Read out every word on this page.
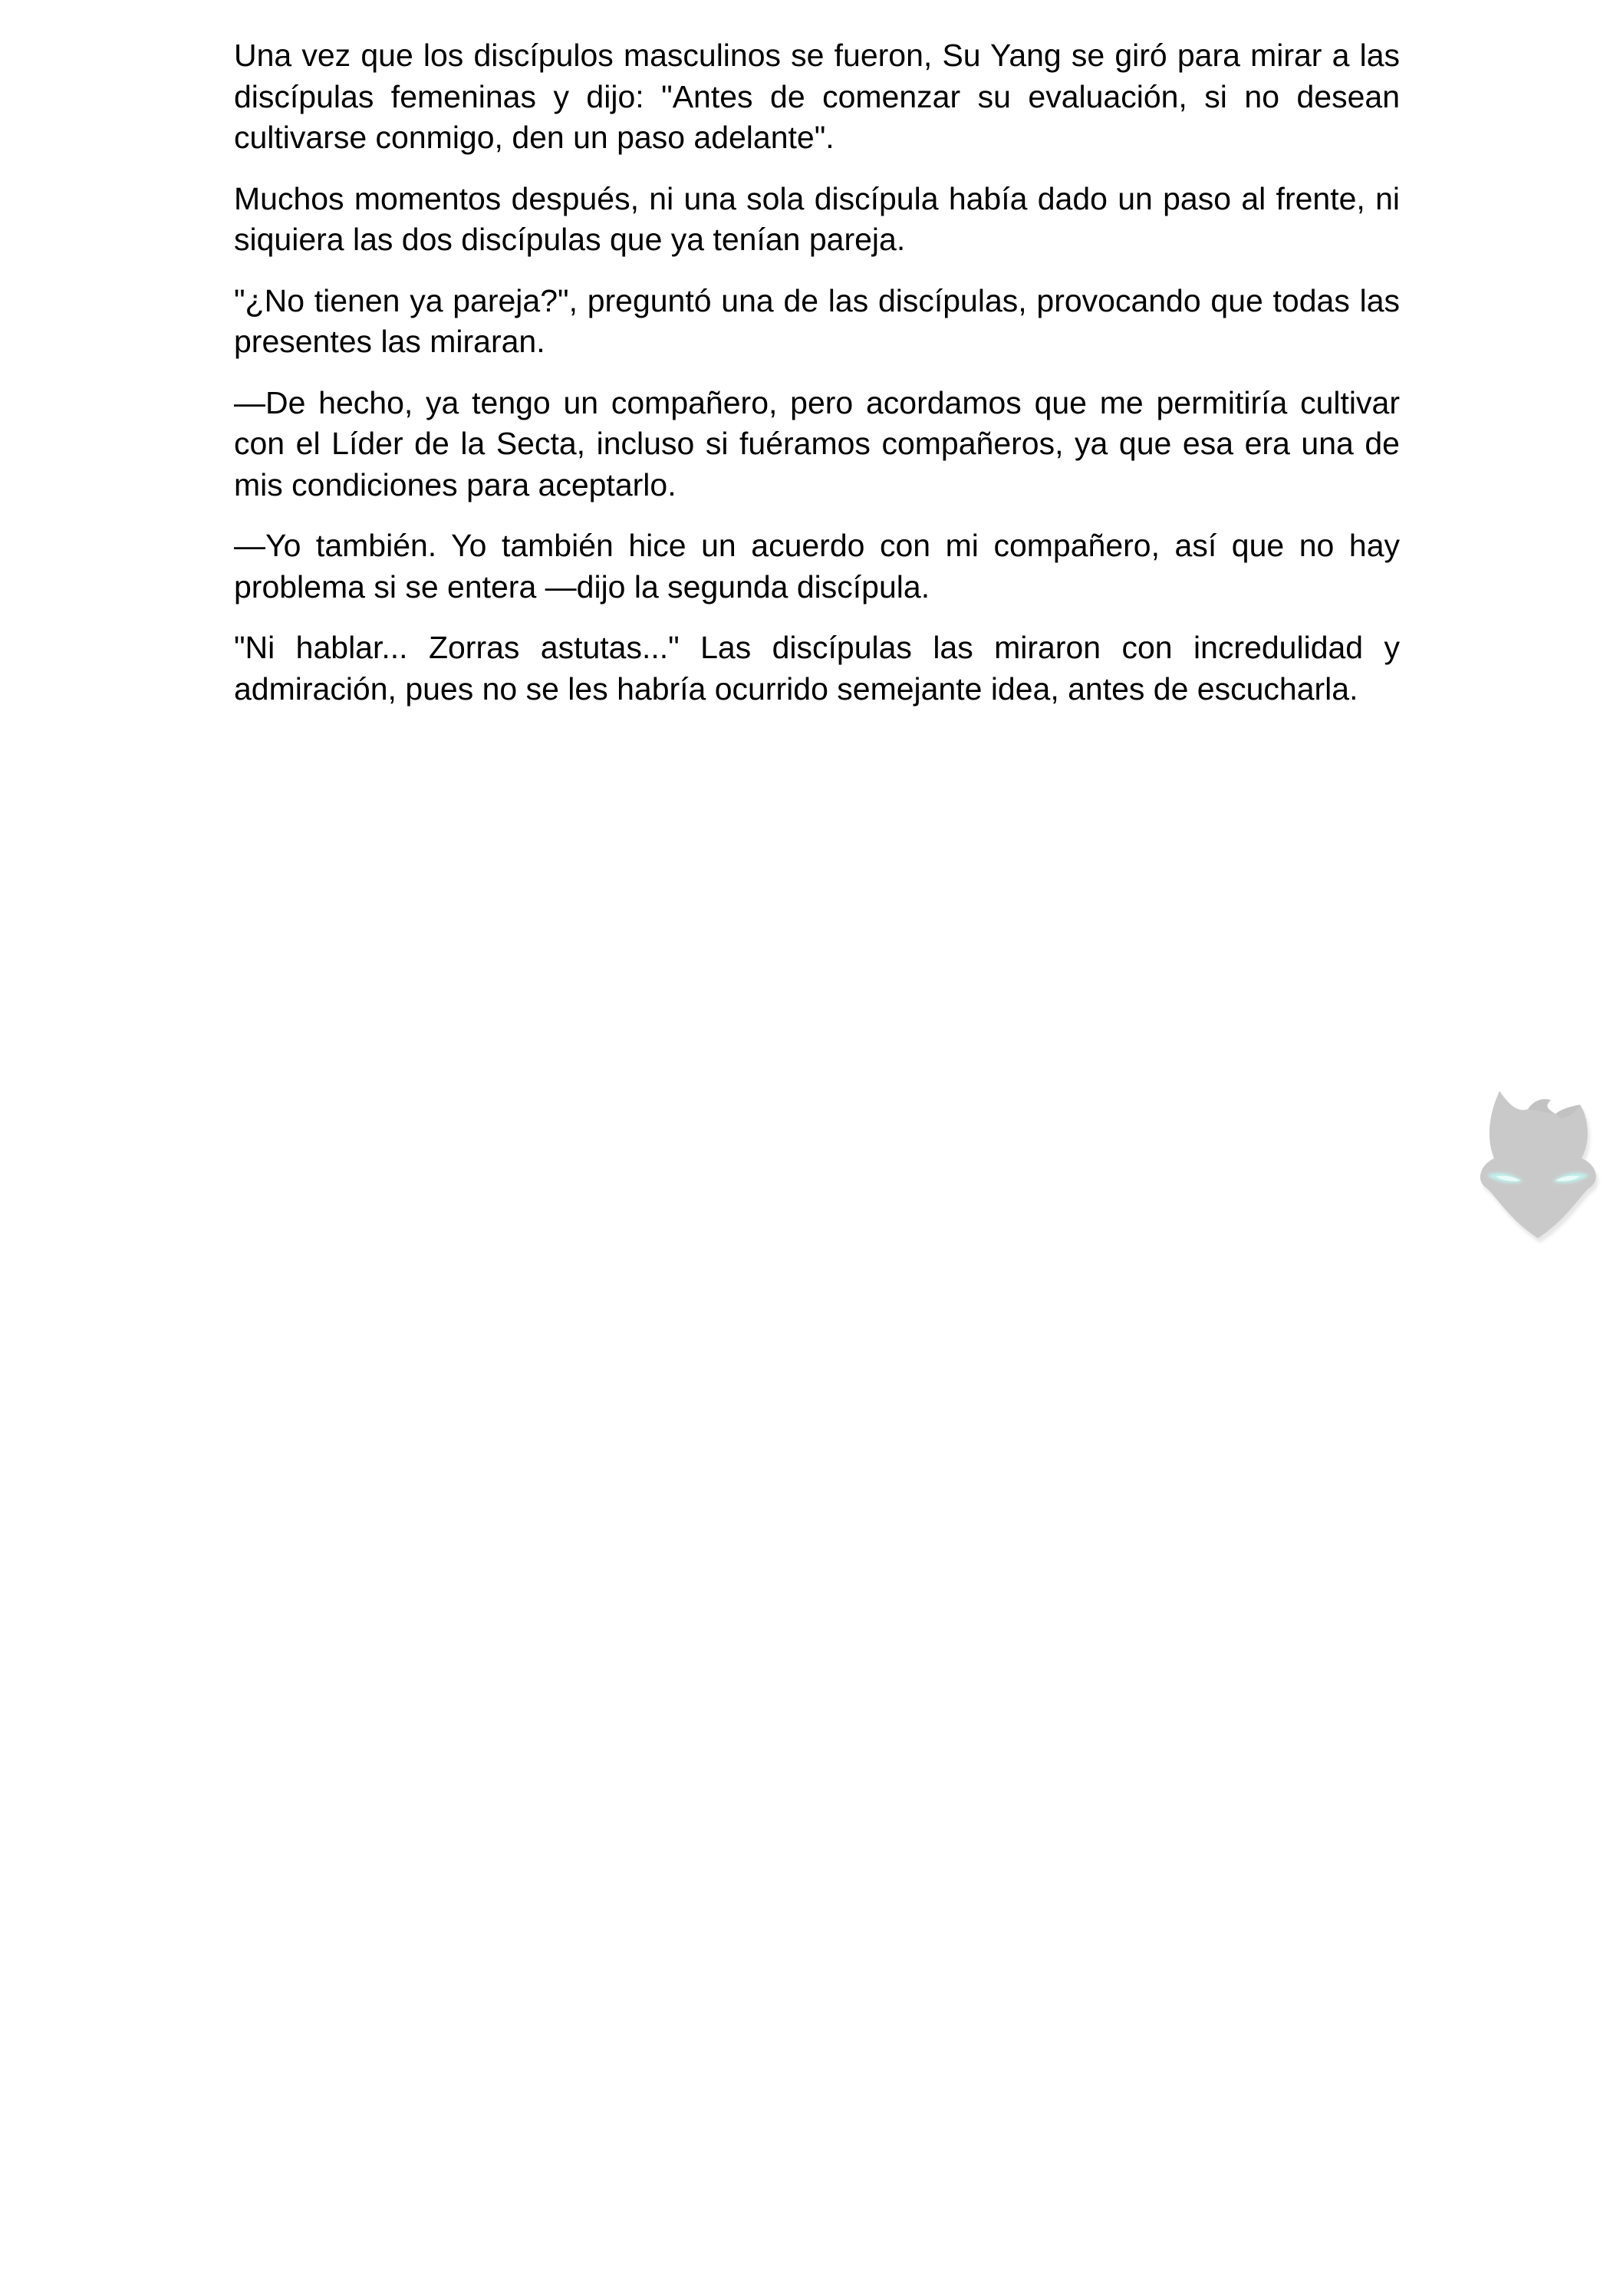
Una vez que los discípulos masculinos se fueron, Su Yang se giró para mirar a las discípulas femeninas y dijo: "Antes de comenzar su evaluación, si no desean cultivarse conmigo, den un paso adelante".

Muchos momentos después, ni una sola discípula había dado un paso al frente, ni siquiera las dos discípulas que ya tenían pareja.

"¿No tienen ya pareja?", preguntó una de las discípulas, provocando que todas las presentes las miraran.

—De hecho, ya tengo un compañero, pero acordamos que me permitiría cultivar con el Líder de la Secta, incluso si fuéramos compañeros, ya que esa era una de mis condiciones para aceptarlo.

—Yo también. Yo también hice un acuerdo con mi compañero, así que no hay problema si se entera —dijo la segunda discípula.

"Ni hablar... Zorras astutas..." Las discípulas las miraron con incredulidad y admiración, pues no se les habría ocurrido semejante idea, antes de escucharla.
